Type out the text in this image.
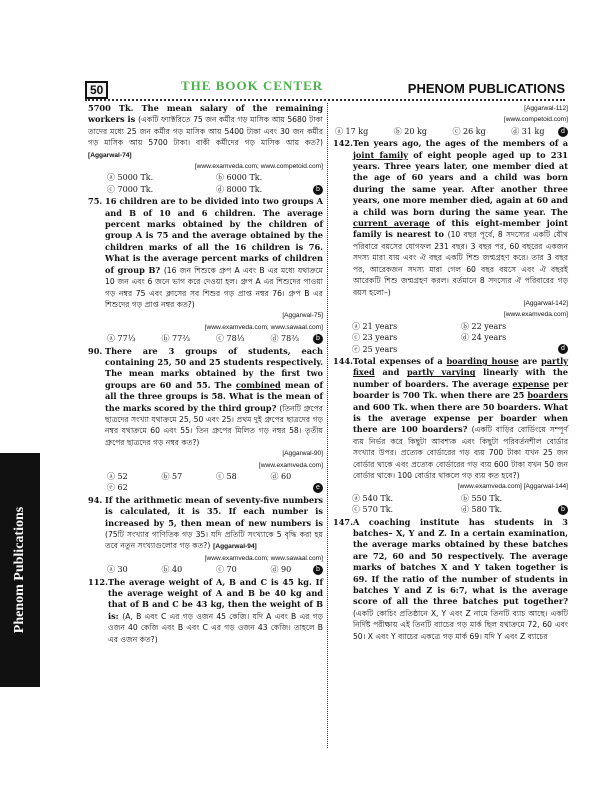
50	THE BOOK CENTER	PHENOM PUBLICATIONS
Phenom Publications
5700 Tk. The mean salary of the remaining workers is (একটি ফ্যাক্টরিতে 75 জন কর্মীর গড় মাসিক আয় 5680 টাকা তাদের মধ্যে 25 জন কর্মীর গড় মাসিক আয় 5400 টাকা এবং 30 জন কর্মীর গড় মাসিক আয় 5700 টাকা। বাকী কর্মীদের গড় মাসিক আয় কত?) [Aggarwal-74]
[www.examveda.com; www.competoid.com]
ⓐ 5000 Tk.	ⓑ 6000 Tk.
ⓒ 7000 Tk.	ⓓ 8000 Tk.	b
75. 16 children are to be divided into two groups A and B of 10 and 6 children. The average percent marks obtained by the children of group A is 75 and the average obtained by the children marks of all the 16 children is 76. What is the average percent marks of children of group B? (16 জন শিশুকে গ্রুপ A এবং B এর মধ্যে যথাক্রমে 10 জন এবং 6 জনে ভাগ করে দেওয়া হল। গ্রুপ A এর শিশুদের পাওয়া গড় নম্বর 75 এবং ক্লাসের সব শিশুর গড় প্রাপ্ত নম্বর 76। গ্রুপ B এর শিশুদের গড় প্রাপ্ত নম্বর কত?)
[Aggarwal-75]
[www.examveda.com; www.sawaal.com]
ⓐ 77⅓	ⓑ 77⅔	ⓒ 78⅓	ⓓ 78⅔	b
90. There are 3 groups of students, each containing 25, 50 and 25 students respectively. The mean marks obtained by the first two groups are 60 and 55. The combined mean of all the three groups is 58. What is the mean of the marks scored by the third group? (তিনটি গ্রুপের ছাত্রদের সংখ্যা যথাক্রমে 25, 50 এবং 25। প্রথম দুই গ্রুপের ছাত্রদের গড় নম্বর যথাক্রমে 60 এবং 55। তিন গ্রুপের মিলিত গড় নম্বর 58। তৃতীয় গ্রুপের ছাত্রদের গড় নম্বর কত?)
[Aggarwal-90]
[www.examveda.com]
ⓐ 52	ⓑ 57	ⓒ 58	ⓓ 60
ⓔ 62	e
94. If the arithmetic mean of seventy-five numbers is calculated, it is 35. If each number is increased by 5, then mean of new numbers is (75টি সংখ্যার গাণিতিক গড় 35। যদি প্রতিটি সংখ্যাকে 5 বৃদ্ধি করা হয় তবে নতুন সংখ্যাগুলোর গড় কত?) [Aggarwal-94]
[www.examveda.com; www.sawaal.com]
ⓐ 30	ⓑ 40	ⓒ 70	ⓓ 90	b
112. The average weight of A, B and C is 45 kg. If the average weight of A and B be 40 kg and that of B and C be 43 kg, then the weight of B is: (A, B এবং C এর গড় ওজন 45 কেজি। যদি A এবং B এর গড় ওজন 40 কেজি এবং B এবং C এর গড় ওজন 43 কেজি। তাহলে B এর ওজন কত?)
[Aggarwal-112]
[www.competoid.com]
ⓐ 17 kg	ⓑ 20 kg	ⓒ 26 kg	ⓓ 31 kg	d
142. Ten years ago, the ages of the members of a joint family of eight people aged up to 231 years. Three years later, one member died at the age of 60 years and a child was born during the same year. After another three years, one more member died, again at 60 and a child was born during the same year. The current average of this eight-member joint family is nearest to (10 বছর পূর্বে, 8 সদস্যের একটি যৌথ পরিবারে বয়সের যোগফল 231 বছর। 3 বছর পর, 60 বছরের একজন সদস্য মারা যায় এবং ঐ বছর একটি শিশু জন্মগ্রহণ করে। তার 3 বছর পর, আরেকজন সদস্য মারা গেল 60 বছর বয়সে এবং ঐ বছরই আরেকটি শিশু জন্মগ্রহণ করল। বর্তমানে 8 সদস্যের ঐ পরিবারের গড় বয়স হলো–)
[Aggarwal-142]
[www.examveda.com]
ⓐ 21 years	ⓑ 22 years
ⓒ 23 years	ⓓ 24 years
ⓔ 25 years	d
144. Total expenses of a boarding house are partly fixed and partly varying linearly with the number of boarders. The average expense per boarder is 700 Tk. when there are 25 boarders and 600 Tk. when there are 50 boarders. What is the average expense per boarder when there are 100 boarders? (একটি বাড়ির বোর্ডিংয়ে সম্পূর্ণ ব্যয় নির্ভর করে কিছুটা আবশ্যক এবং কিছুটা পরিবর্তনশীল বোর্ডার সংখ্যার উপর। প্রত্যেক বোর্ডারের গড় ব্যয় 700 টাকা যখন 25 জন বোর্ডার থাকে এবং প্রত্যেক বোর্ডারের গড় ব্যয় 600 টাকা যখন 50 জন বোর্ডার থাকে। 100 বোর্ডার থাকলে গড় ব্যয় কত হবে?)
[www.examveda.com] [Aggarwal-144]
ⓐ 540 Tk.	ⓑ 550 Tk.
ⓒ 570 Tk.	ⓓ 580 Tk.	b
147. A coaching institute has students in 3 batches– X, Y and Z. In a certain examination, the average marks obtained by these batches are 72, 60 and 50 respectively. The average marks of batches X and Y taken together is 69. If the ratio of the number of students in batches Y and Z is 6:7, what is the average score of all the three batches put together? (একটি কোচিং প্রতিষ্ঠানে X, Y এবং Z নামে তিনটি ব্যাচ আছে। একটি নির্দিষ্ট পরীক্ষায় এই তিনটি ব্যাচের গড় মার্ক ছিল যথাক্রমে 72, 60 এবং 50। X এবং Y ব্যাচের একত্রে গড় মার্ক 69। যদি Y এবং Z ব্যাচের
